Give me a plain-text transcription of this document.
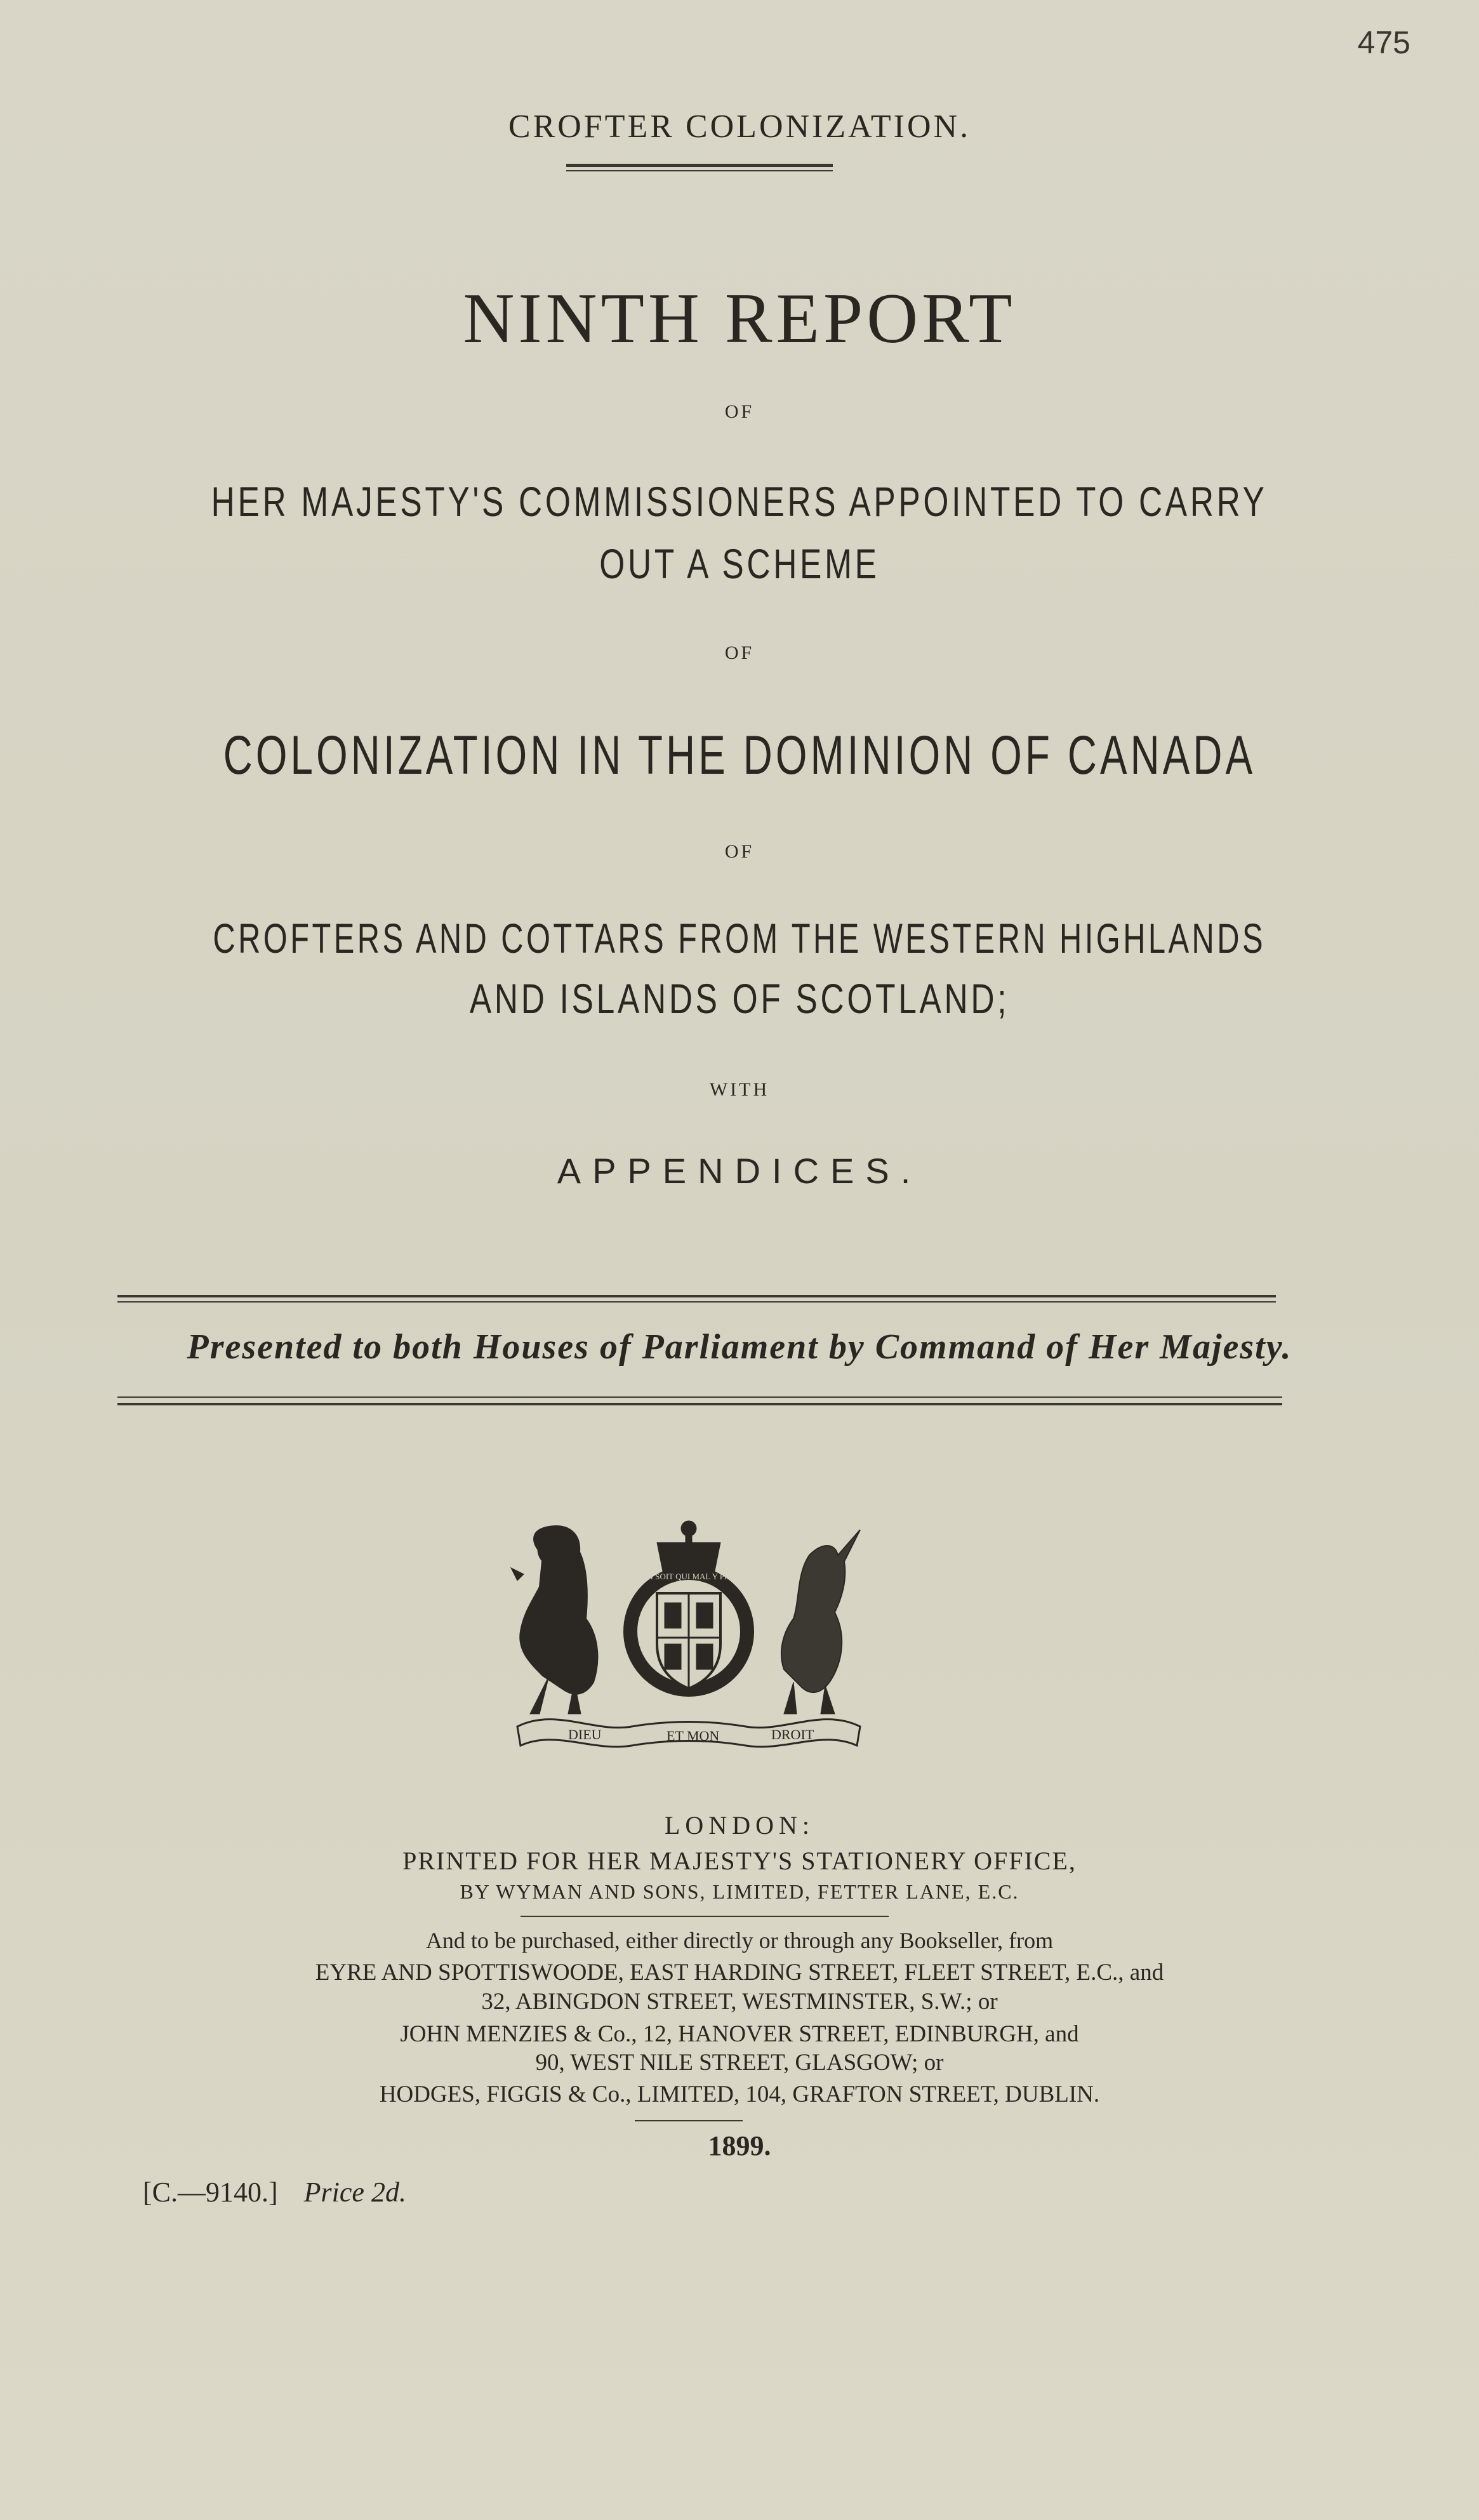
475
CROFTER COLONIZATION.
NINTH REPORT
OF
HER MAJESTY'S COMMISSIONERS APPOINTED TO CARRY
OUT A SCHEME
OF
COLONIZATION IN THE DOMINION OF CANADA
OF
CROFTERS AND COTTARS FROM THE WESTERN HIGHLANDS
AND ISLANDS OF SCOTLAND;
WITH
APPENDICES.
Presented to both Houses of Parliament by Command of Her Majesty.
DIEU	ET MON	DROIT
HONI SOIT QUI MAL Y PENSE
LONDON:
PRINTED FOR HER MAJESTY'S STATIONERY OFFICE,
BY WYMAN AND SONS, LIMITED, FETTER LANE, E.C.
And to be purchased, either directly or through any Bookseller, from
EYRE AND SPOTTISWOODE, EAST HARDING STREET, FLEET STREET, E.C., and
32, ABINGDON STREET, WESTMINSTER, S.W.; or
JOHN MENZIES & Co., 12, HANOVER STREET, EDINBURGH, and
90, WEST NILE STREET, GLASGOW; or
HODGES, FIGGIS & Co., LIMITED, 104, GRAFTON STREET, DUBLIN.
1899.
[C.—9140.] Price 2d.
